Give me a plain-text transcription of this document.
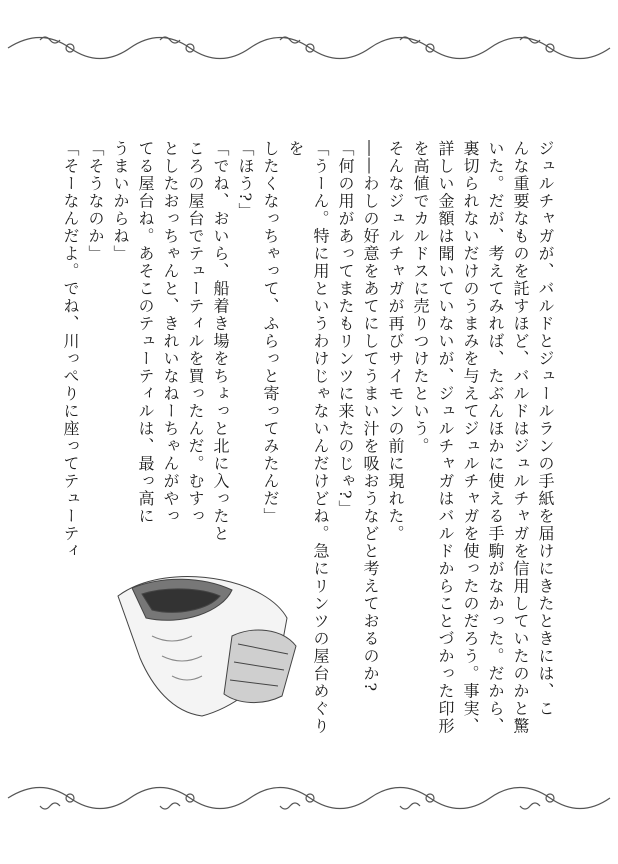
ジュルチャガが、バルドとジュールランの手紙を届けにきたときには、こ

んな重要なものを託すほど、バルドはジュルチャガを信用していたのかと驚

いた。だが、考えてみれば、たぶんほかに使える手駒がなかった。だから、

裏切られないだけのうまみを与えてジュルチャガを使ったのだろう。事実、

詳しい金額は聞いていないが、ジュルチャガはバルドからことづかった印形

を高値でカルドスに売りつけたという。

そんなジュルチャガが再びサイモンの前に現れた。

――わしの好意をあてにしてうまい汁を吸おうなどと考えておるのか?

「何の用があってまたもリンツに来たのじゃ?」

「うーん。特に用というわけじゃないんだけどね。急にリンツの屋台めぐりを

したくなっちゃって、ふらっと寄ってみたんだ」

「ほう?」

「でね、おいら、船着き場をちょっと北に入ったと

ころの屋台でテューティルを買ったんだ。むすっ

としたおっちゃんと、きれいなねーちゃんがやっ

てる屋台ね。あそこのテューティルは、最っ高に

うまいからね」

「そうなのか」

「そーなんだよ。でね、川っぺりに座ってテューティ
